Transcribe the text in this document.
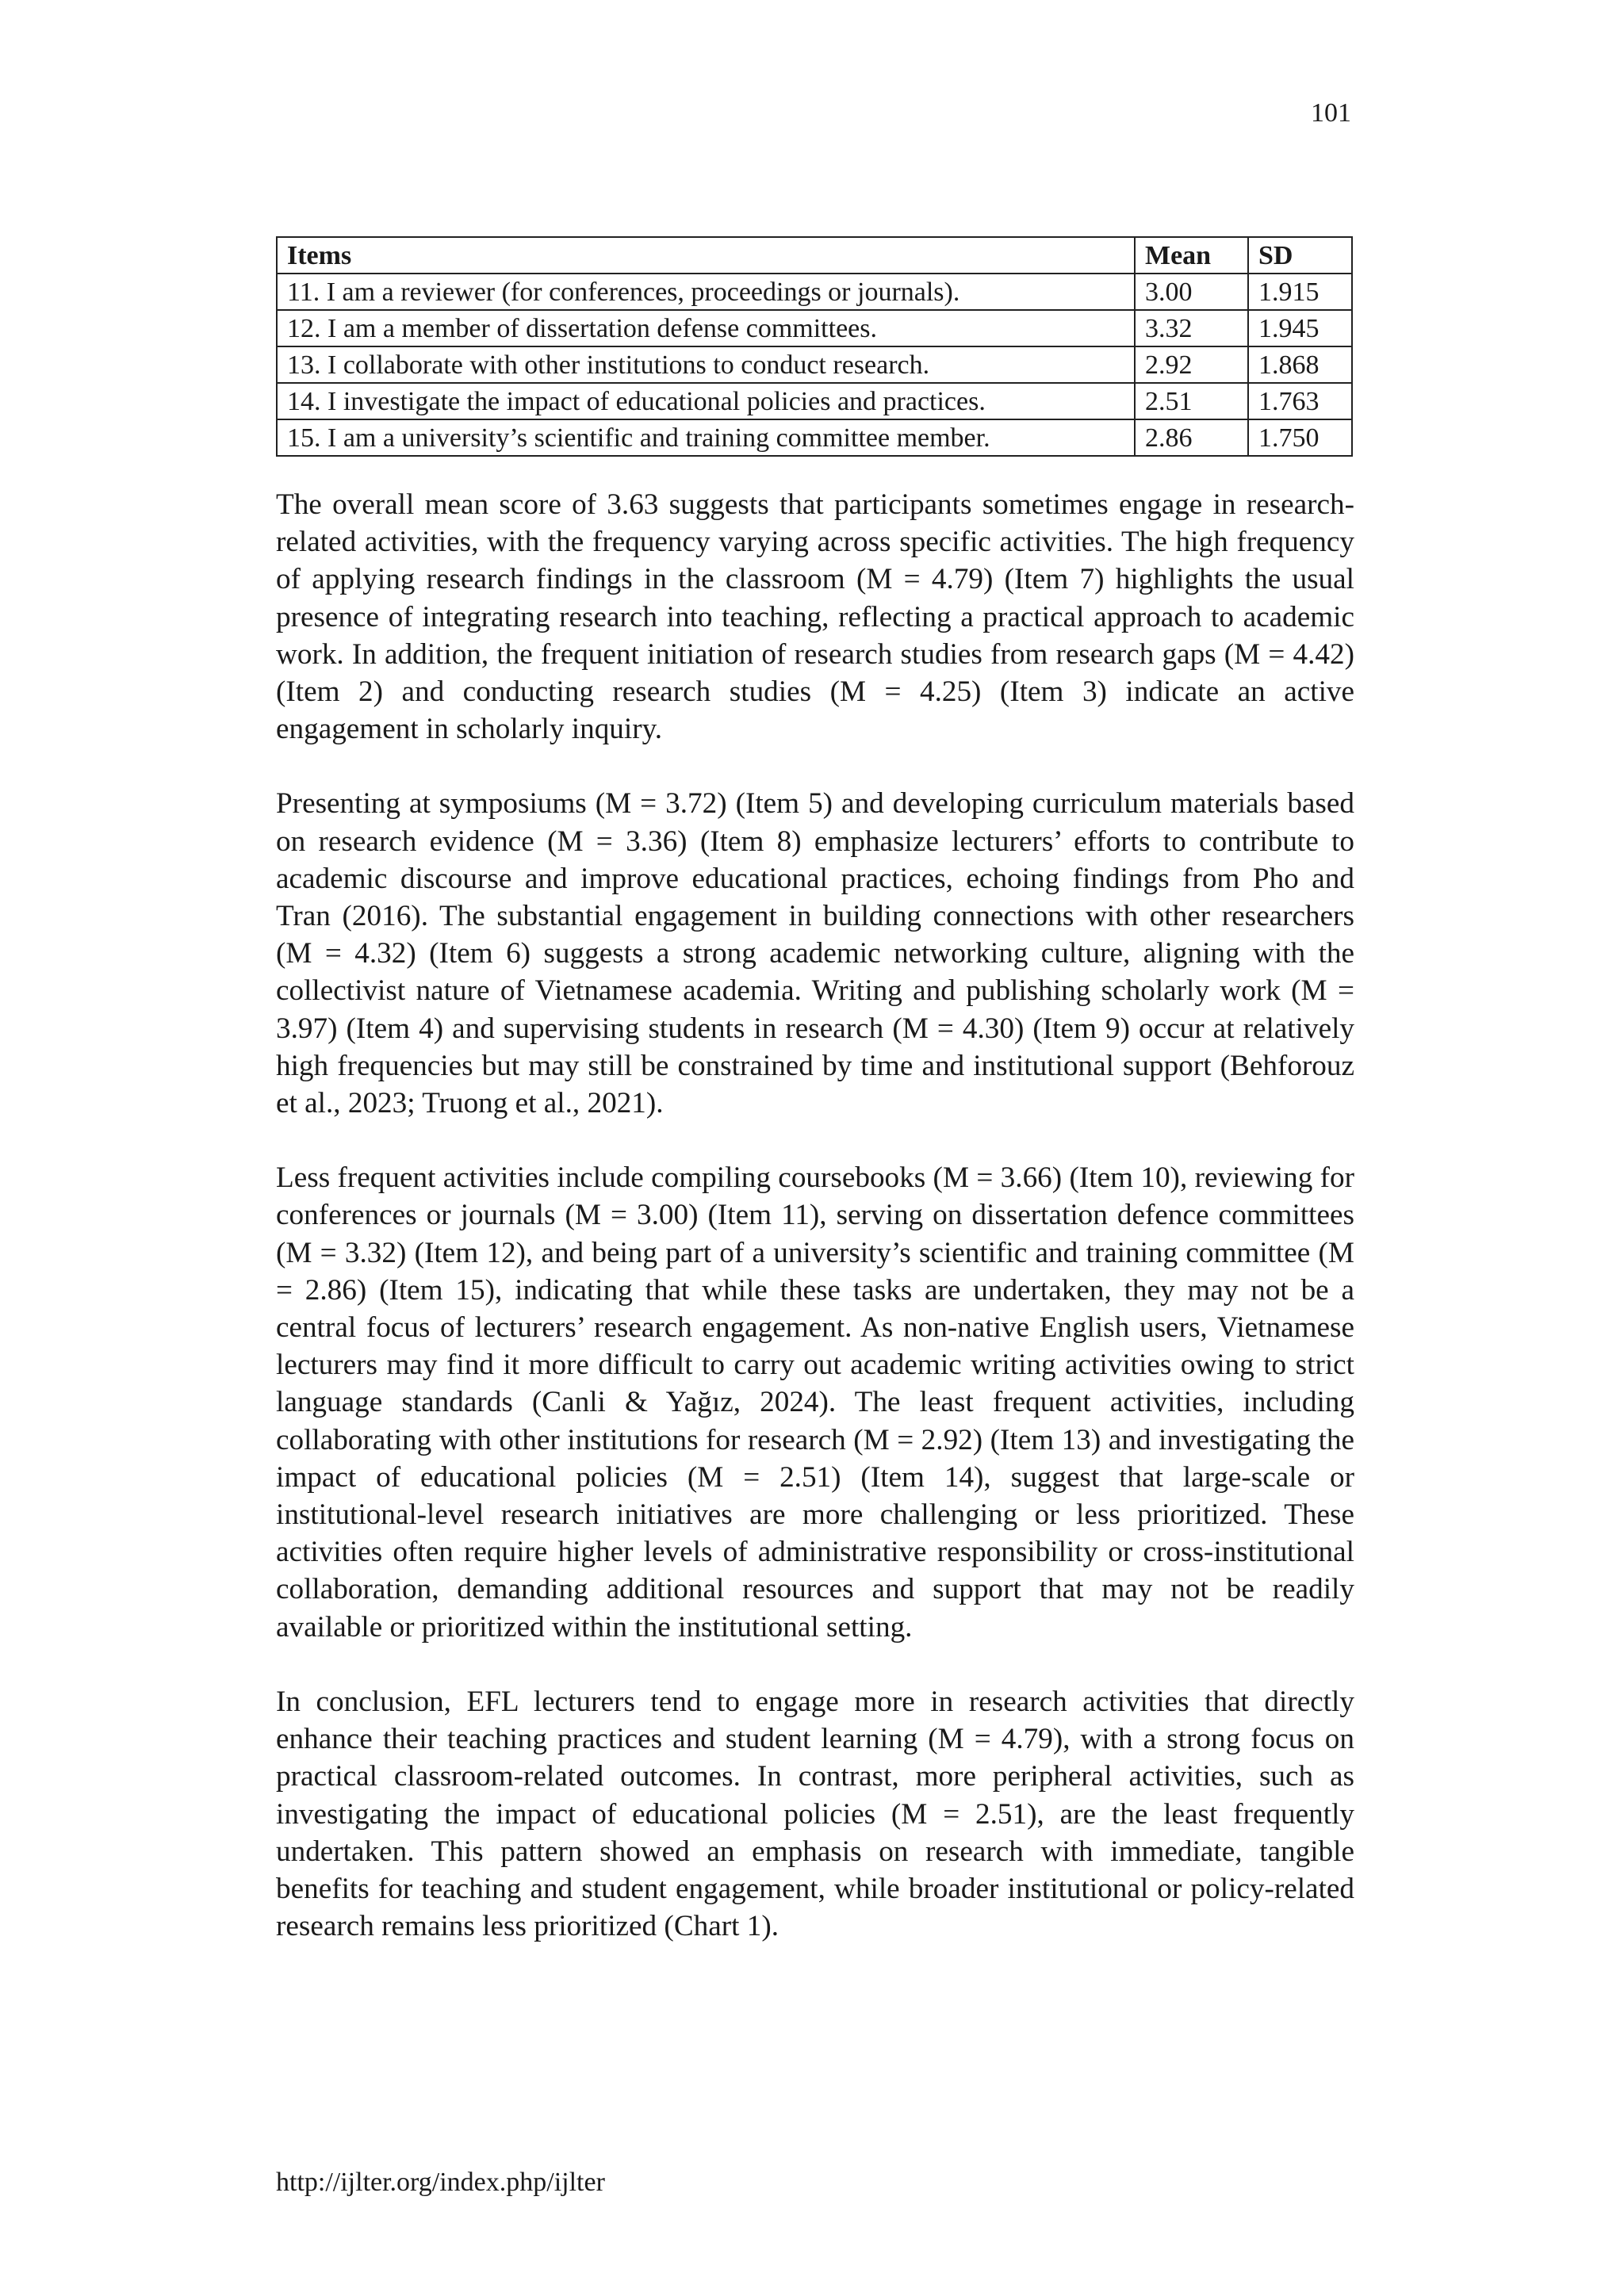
101
Items	Mean	SD
11. I am a reviewer (for conferences, proceedings or journals).	3.00	1.915
12. I am a member of dissertation defense committees.	3.32	1.945
13. I collaborate with other institutions to conduct research.	2.92	1.868
14. I investigate the impact of educational policies and practices.	2.51	1.763
15. I am a university’s scientific and training committee member.	2.86	1.750

The overall mean score of 3.63 suggests that participants sometimes engage in research-related activities, with the frequency varying across specific activities. The high frequency of applying research findings in the classroom (M = 4.79) (Item 7) highlights the usual presence of integrating research into teaching, reflecting a practical approach to academic work. In addition, the frequent initiation of research studies from research gaps (M = 4.42) (Item 2) and conducting research studies (M = 4.25) (Item 3) indicate an active engagement in scholarly inquiry.

Presenting at symposiums (M = 3.72) (Item 5) and developing curriculum materials based on research evidence (M = 3.36) (Item 8) emphasize lecturers’ efforts to contribute to academic discourse and improve educational practices, echoing findings from Pho and Tran (2016). The substantial engagement in building connections with other researchers (M = 4.32) (Item 6) suggests a strong academic networking culture, aligning with the collectivist nature of Vietnamese academia. Writing and publishing scholarly work (M = 3.97) (Item 4) and supervising students in research (M = 4.30) (Item 9) occur at relatively high frequencies but may still be constrained by time and institutional support (Behforouz et al., 2023; Truong et al., 2021).

Less frequent activities include compiling coursebooks (M = 3.66) (Item 10), reviewing for conferences or journals (M = 3.00) (Item 11), serving on dissertation defence committees (M = 3.32) (Item 12), and being part of a university’s scientific and training committee (M = 2.86) (Item 15), indicating that while these tasks are undertaken, they may not be a central focus of lecturers’ research engagement. As non-native English users, Vietnamese lecturers may find it more difficult to carry out academic writing activities owing to strict language standards (Canli & Yağız, 2024). The least frequent activities, including collaborating with other institutions for research (M = 2.92) (Item 13) and investigating the impact of educational policies (M = 2.51) (Item 14), suggest that large-scale or institutional-level research initiatives are more challenging or less prioritized. These activities often require higher levels of administrative responsibility or cross-institutional collaboration, demanding additional resources and support that may not be readily available or prioritized within the institutional setting.

In conclusion, EFL lecturers tend to engage more in research activities that directly enhance their teaching practices and student learning (M = 4.79), with a strong focus on practical classroom-related outcomes. In contrast, more peripheral activities, such as investigating the impact of educational policies (M = 2.51), are the least frequently undertaken. This pattern showed an emphasis on research with immediate, tangible benefits for teaching and student engagement, while broader institutional or policy-related research remains less prioritized (Chart 1).

http://ijlter.org/index.php/ijlter
